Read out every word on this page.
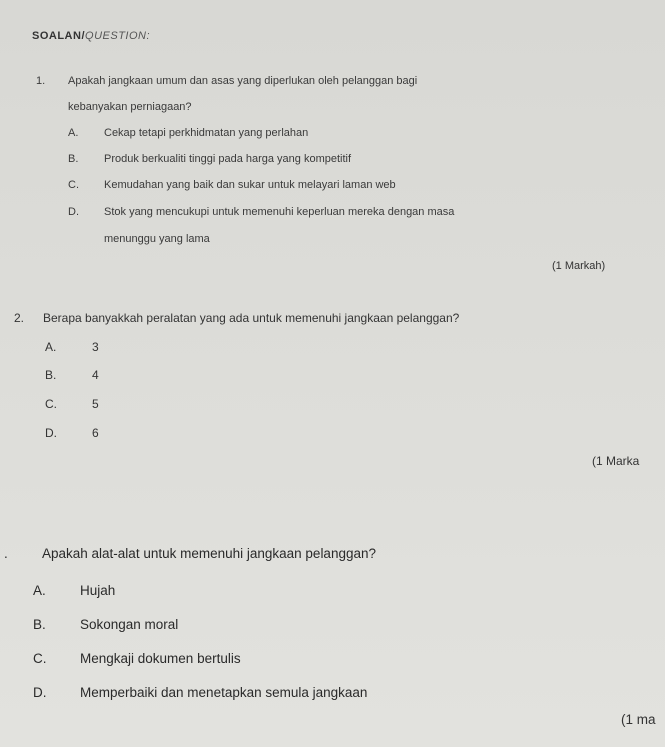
SOALAN/QUESTION:
1. Apakah jangkaan umum dan asas yang diperlukan oleh pelanggan bagi
kebanyakan perniagaan?
A. Cekap tetapi perkhidmatan yang perlahan
B. Produk berkualiti tinggi pada harga yang kompetitif
C. Kemudahan yang baik dan sukar untuk melayari laman web
D. Stok yang mencukupi untuk memenuhi keperluan mereka dengan masa
menunggu yang lama
(1 Markah)
2. Berapa banyakkah peralatan yang ada untuk memenuhi jangkaan pelanggan?
A.	3
B.	4
C.	5
D.	6
(1 Marka
.	Apakah alat-alat untuk memenuhi jangkaan pelanggan?
A.	Hujah
B.	Sokongan moral
C. Mengkaji dokumen bertulis
D. Memperbaiki dan menetapkan semula jangkaan
(1 ma
